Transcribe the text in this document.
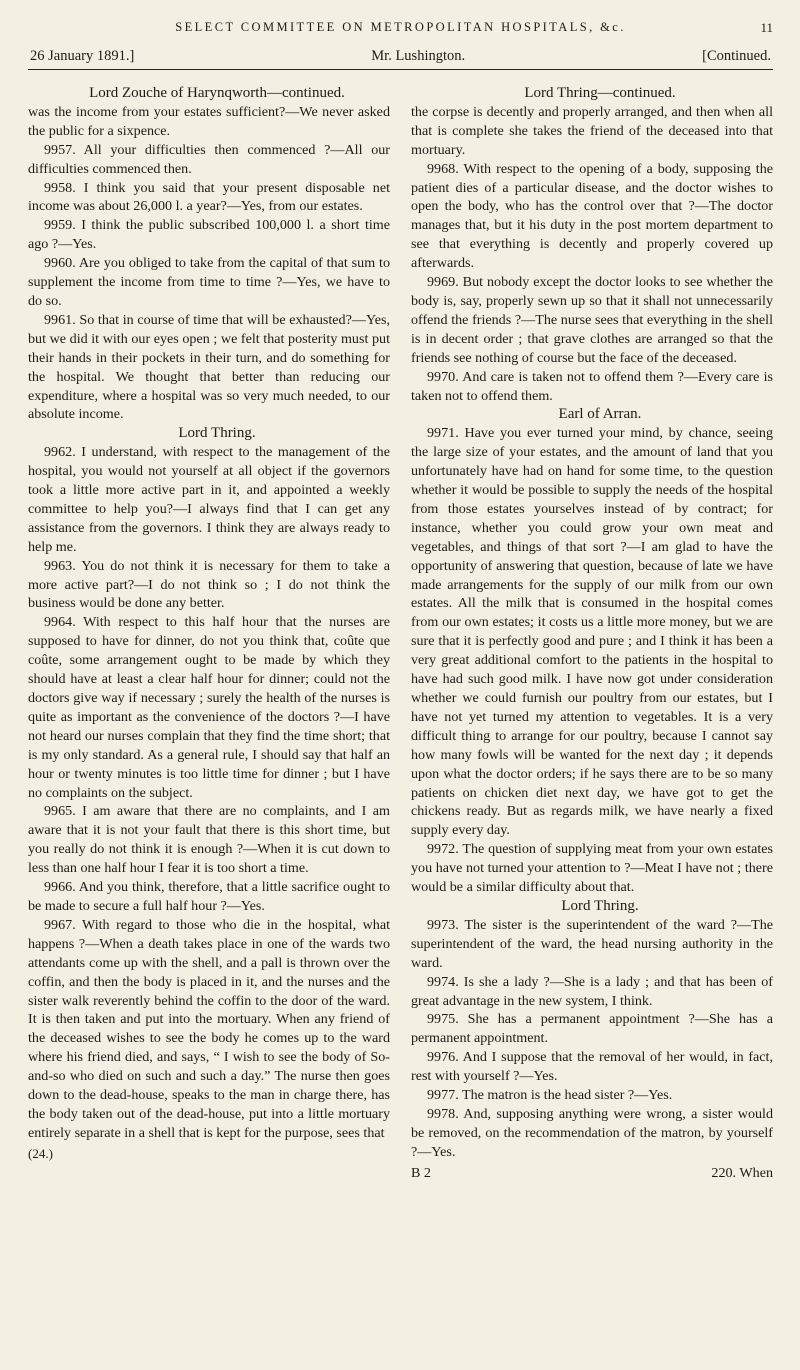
SELECT COMMITTEE ON METROPOLITAN HOSPITALS, &c.	11
26 January 1891.]	Mr. Lushington.	[Continued.

Lord Zouche of Harynqworth—continued.

was the income from your estates sufficient?—We never asked the public for a sixpence.

9957. All your difficulties then commenced ?—All our difficulties commenced then.

9958. I think you said that your present disposable net income was about 26,000 l. a year?—Yes, from our estates.

9959. I think the public subscribed 100,000 l. a short time ago ?—Yes.

9960. Are you obliged to take from the capital of that sum to supplement the income from time to time ?—Yes, we have to do so.

9961. So that in course of time that will be exhausted?—Yes, but we did it with our eyes open ; we felt that posterity must put their hands in their pockets in their turn, and do something for the hospital. We thought that better than reducing our expenditure, where a hospital was so very much needed, to our absolute income.

Lord Thring.

9962. I understand, with respect to the management of the hospital, you would not yourself at all object if the governors took a little more active part in it, and appointed a weekly committee to help you?—I always find that I can get any assistance from the governors. I think they are always ready to help me.

9963. You do not think it is necessary for them to take a more active part?—I do not think so ; I do not think the business would be done any better.

9964. With respect to this half hour that the nurses are supposed to have for dinner, do not you think that, coûte que coûte, some arrangement ought to be made by which they should have at least a clear half hour for dinner; could not the doctors give way if necessary ; surely the health of the nurses is quite as important as the convenience of the doctors ?—I have not heard our nurses complain that they find the time short; that is my only standard. As a general rule, I should say that half an hour or twenty minutes is too little time for dinner ; but I have no complaints on the subject.

9965. I am aware that there are no complaints, and I am aware that it is not your fault that there is this short time, but you really do not think it is enough ?—When it is cut down to less than one half hour I fear it is too short a time.

9966. And you think, therefore, that a little sacrifice ought to be made to secure a full half hour ?—Yes.

9967. With regard to those who die in the hospital, what happens ?—When a death takes place in one of the wards two attendants come up with the shell, and a pall is thrown over the coffin, and then the body is placed in it, and the nurses and the sister walk reverently behind the coffin to the door of the ward. It is then taken and put into the mortuary. When any friend of the deceased wishes to see the body he comes up to the ward where his friend died, and says, “ I wish to see the body of So-and-so who died on such and such a day.” The nurse then goes down to the dead-house, speaks to the man in charge there, has the body taken out of the dead-house, put into a little mortuary entirely separate in a shell that is kept for the purpose, sees that

(24.)

Lord Thring—continued.

the corpse is decently and properly arranged, and then when all that is complete she takes the friend of the deceased into that mortuary.

9968. With respect to the opening of a body, supposing the patient dies of a particular disease, and the doctor wishes to open the body, who has the control over that ?—The doctor manages that, but it his duty in the post mortem department to see that everything is decently and properly covered up afterwards.

9969. But nobody except the doctor looks to see whether the body is, say, properly sewn up so that it shall not unnecessarily offend the friends ?—The nurse sees that everything in the shell is in decent order ; that grave clothes are arranged so that the friends see nothing of course but the face of the deceased.

9970. And care is taken not to offend them ?—Every care is taken not to offend them.

Earl of Arran.

9971. Have you ever turned your mind, by chance, seeing the large size of your estates, and the amount of land that you unfortunately have had on hand for some time, to the question whether it would be possible to supply the needs of the hospital from those estates yourselves instead of by contract; for instance, whether you could grow your own meat and vegetables, and things of that sort ?—I am glad to have the opportunity of answering that question, because of late we have made arrangements for the supply of our milk from our own estates. All the milk that is consumed in the hospital comes from our own estates; it costs us a little more money, but we are sure that it is perfectly good and pure ; and I think it has been a very great additional comfort to the patients in the hospital to have had such good milk. I have now got under consideration whether we could furnish our poultry from our estates, but I have not yet turned my attention to vegetables. It is a very difficult thing to arrange for our poultry, because I cannot say how many fowls will be wanted for the next day ; it depends upon what the doctor orders; if he says there are to be so many patients on chicken diet next day, we have got to get the chickens ready. But as regards milk, we have nearly a fixed supply every day.

9972. The question of supplying meat from your own estates you have not turned your attention to ?—Meat I have not ; there would be a similar difficulty about that.

Lord Thring.

9973. The sister is the superintendent of the ward ?—The superintendent of the ward, the head nursing authority in the ward.

9974. Is she a lady ?—She is a lady ; and that has been of great advantage in the new system, I think.

9975. She has a permanent appointment ?—She has a permanent appointment.

9976. And I suppose that the removal of her would, in fact, rest with yourself ?—Yes.

9977. The matron is the head sister ?—Yes.

9978. And, supposing anything were wrong, a sister would be removed, on the recommendation of the matron, by yourself ?—Yes.

B 2	220. When
